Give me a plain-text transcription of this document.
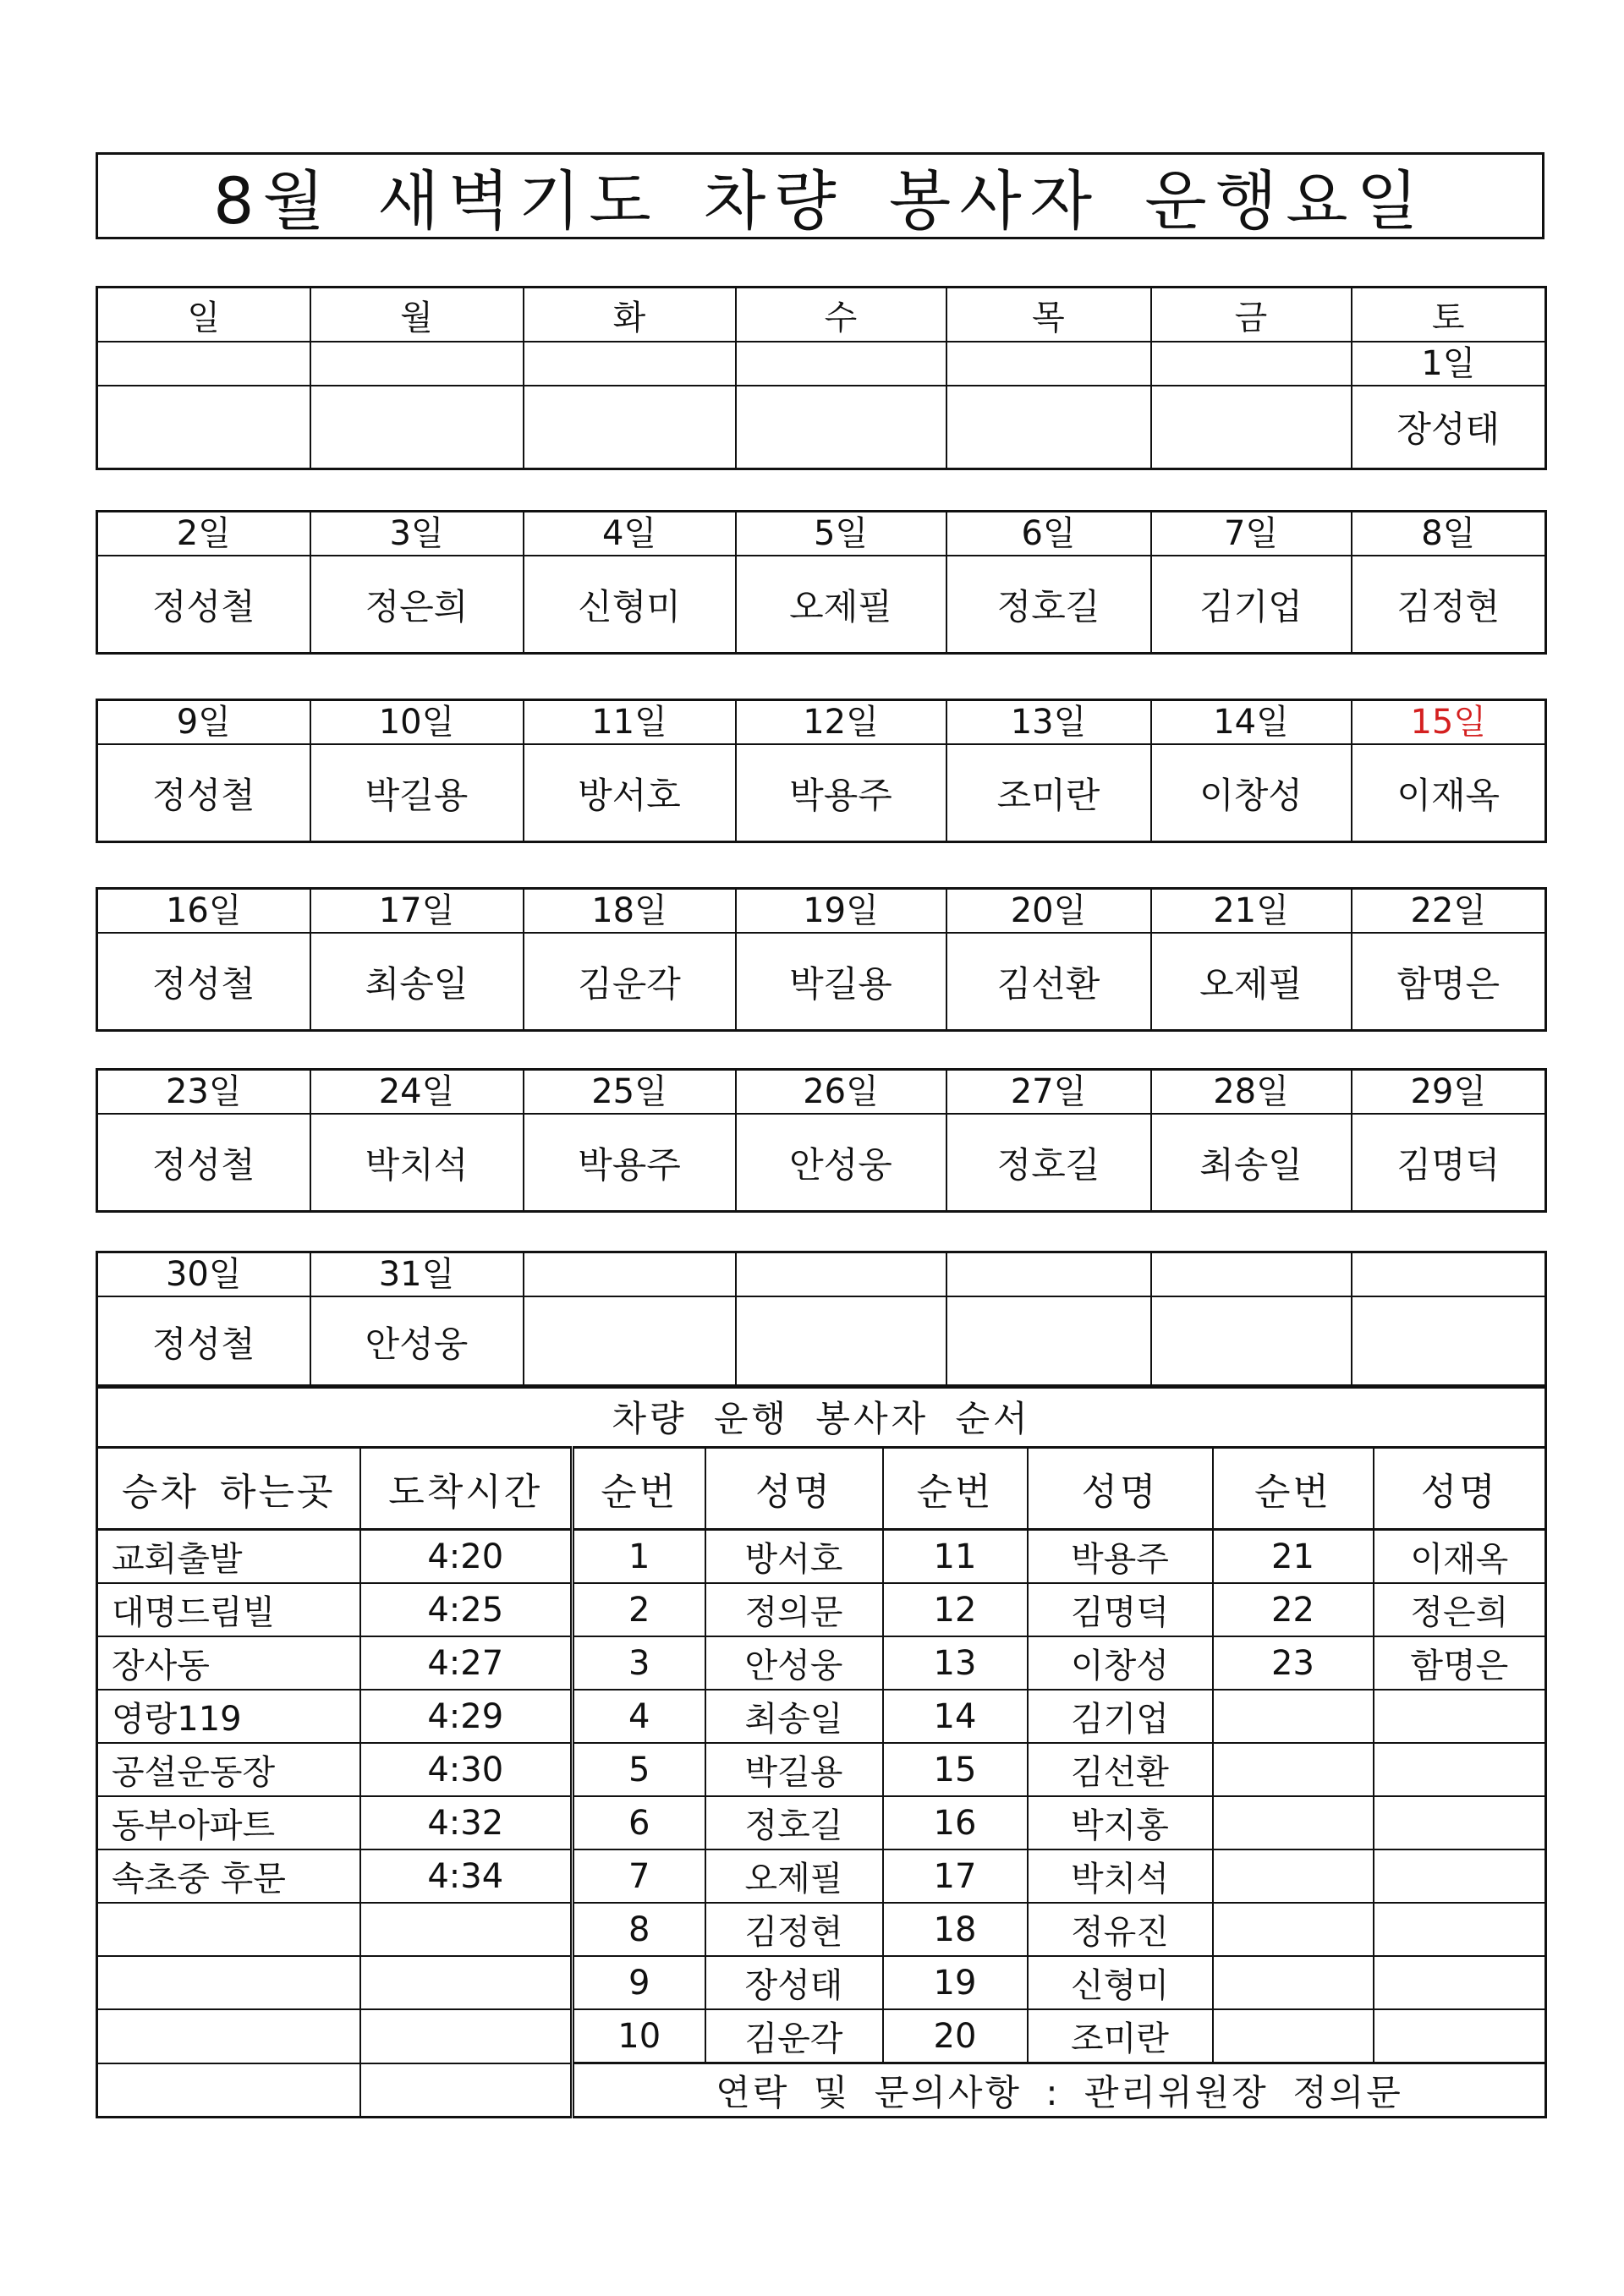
8월 새벽기도 차량 봉사자 운행요일
일	월	화	수	목	금	토
						1일
						장성태
2일	3일	4일	5일	6일	7일	8일
정성철	정은희	신형미	오제필	정호길	김기업	김정현
9일	10일	11일	12일	13일	14일	15일
정성철	박길용	방서호	박용주	조미란	이창성	이재옥
16일	17일	18일	19일	20일	21일	22일
정성철	최송일	김운각	박길용	김선환	오제필	함명은
23일	24일	25일	26일	27일	28일	29일
정성철	박치석	박용주	안성웅	정호길	최송일	김명덕
30일	31일					
정성철	안성웅					
차량 운행 봉사자 순서							
승차 하는곳	도착시간	순번	성명	순번	성명	순번	성명
교회출발	4:20	1	방서호	11	박용주	21	이재옥
대명드림빌	4:25	2	정의문	12	김명덕	22	정은희
장사동	4:27	3	안성웅	13	이창성	23	함명은
영랑119	4:29	4	최송일	14	김기업		
공설운동장	4:30	5	박길용	15	김선환		
동부아파트	4:32	6	정호길	16	박지홍		
속초중 후문	4:34	7	오제필	17	박치석		
		8	김정현	18	정유진		
		9	장성태	19	신형미		
		10	김운각	20	조미란		
		연락 및 문의사항 : 관리위원장 정의문					
